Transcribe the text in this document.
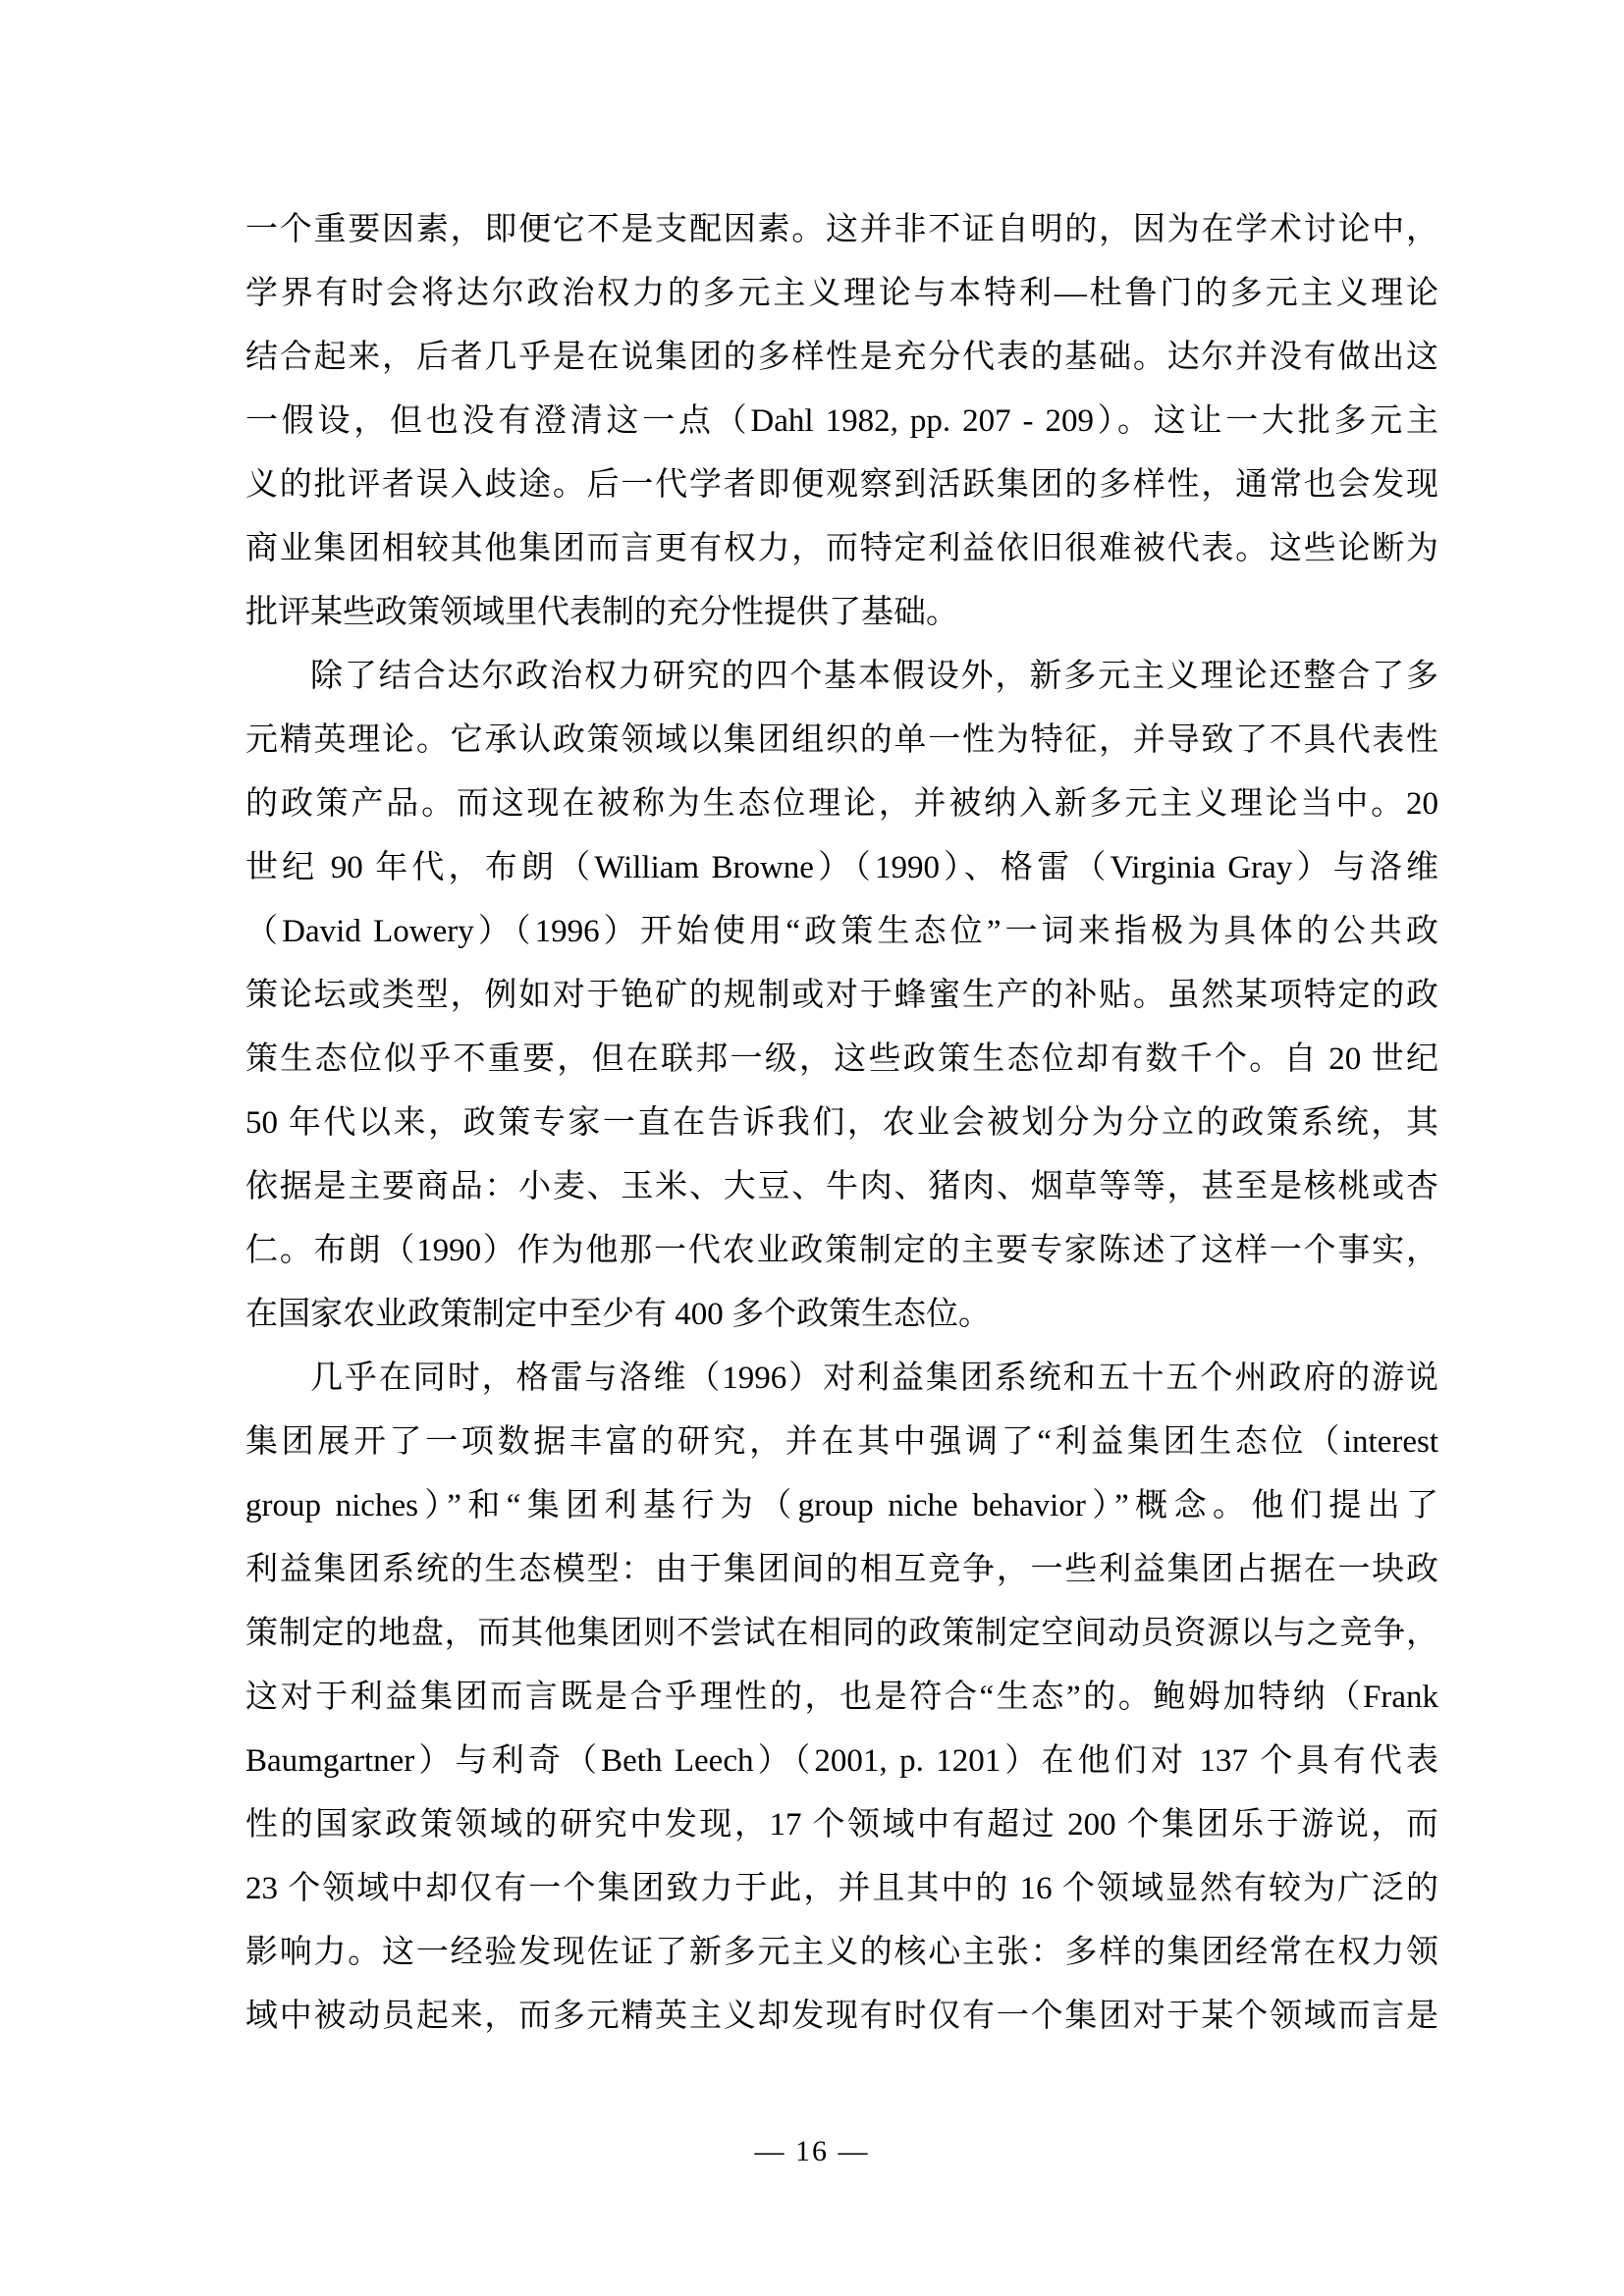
一个重要因素，即便它不是支配因素。这并非不证自明的，因为在学术讨论中，
学界有时会将达尔政治权力的多元主义理论与本特利—杜鲁门的多元主义理论
结合起来，后者几乎是在说集团的多样性是充分代表的基础。达尔并没有做出这
一假设，但也没有澄清这一点（Dahl 1982, pp. 207 - 209）。这让一大批多元主
义的批评者误入歧途。后一代学者即便观察到活跃集团的多样性，通常也会发现
商业集团相较其他集团而言更有权力，而特定利益依旧很难被代表。这些论断为
批评某些政策领域里代表制的充分性提供了基础。
除了结合达尔政治权力研究的四个基本假设外，新多元主义理论还整合了多
元精英理论。它承认政策领域以集团组织的单一性为特征，并导致了不具代表性
的政策产品。而这现在被称为生态位理论，并被纳入新多元主义理论当中。20
世纪 90 年代，布朗（William Browne）（1990）、格雷（Virginia Gray）与洛维
（David Lowery）（1996）开始使用“政策生态位”一词来指极为具体的公共政
策论坛或类型，例如对于铯矿的规制或对于蜂蜜生产的补贴。虽然某项特定的政
策生态位似乎不重要，但在联邦一级，这些政策生态位却有数千个。自 20 世纪
50 年代以来，政策专家一直在告诉我们，农业会被划分为分立的政策系统，其
依据是主要商品：小麦、玉米、大豆、牛肉、猪肉、烟草等等，甚至是核桃或杏
仁。布朗（1990）作为他那一代农业政策制定的主要专家陈述了这样一个事实，
在国家农业政策制定中至少有 400 多个政策生态位。
几乎在同时，格雷与洛维（1996）对利益集团系统和五十五个州政府的游说
集团展开了一项数据丰富的研究，并在其中强调了“利益集团生态位（interest
group niches）”和“集团利基行为（group niche behavior）”概念。他们提出了
利益集团系统的生态模型：由于集团间的相互竞争，一些利益集团占据在一块政
策制定的地盘，而其他集团则不尝试在相同的政策制定空间动员资源以与之竞争，
这对于利益集团而言既是合乎理性的，也是符合“生态”的。鲍姆加特纳（Frank
Baumgartner）与利奇（Beth Leech）（2001, p. 1201）在他们对 137 个具有代表
性的国家政策领域的研究中发现，17 个领域中有超过 200 个集团乐于游说，而
23 个领域中却仅有一个集团致力于此，并且其中的 16 个领域显然有较为广泛的
影响力。这一经验发现佐证了新多元主义的核心主张：多样的集团经常在权力领
域中被动员起来，而多元精英主义却发现有时仅有一个集团对于某个领域而言是
— 16 —
